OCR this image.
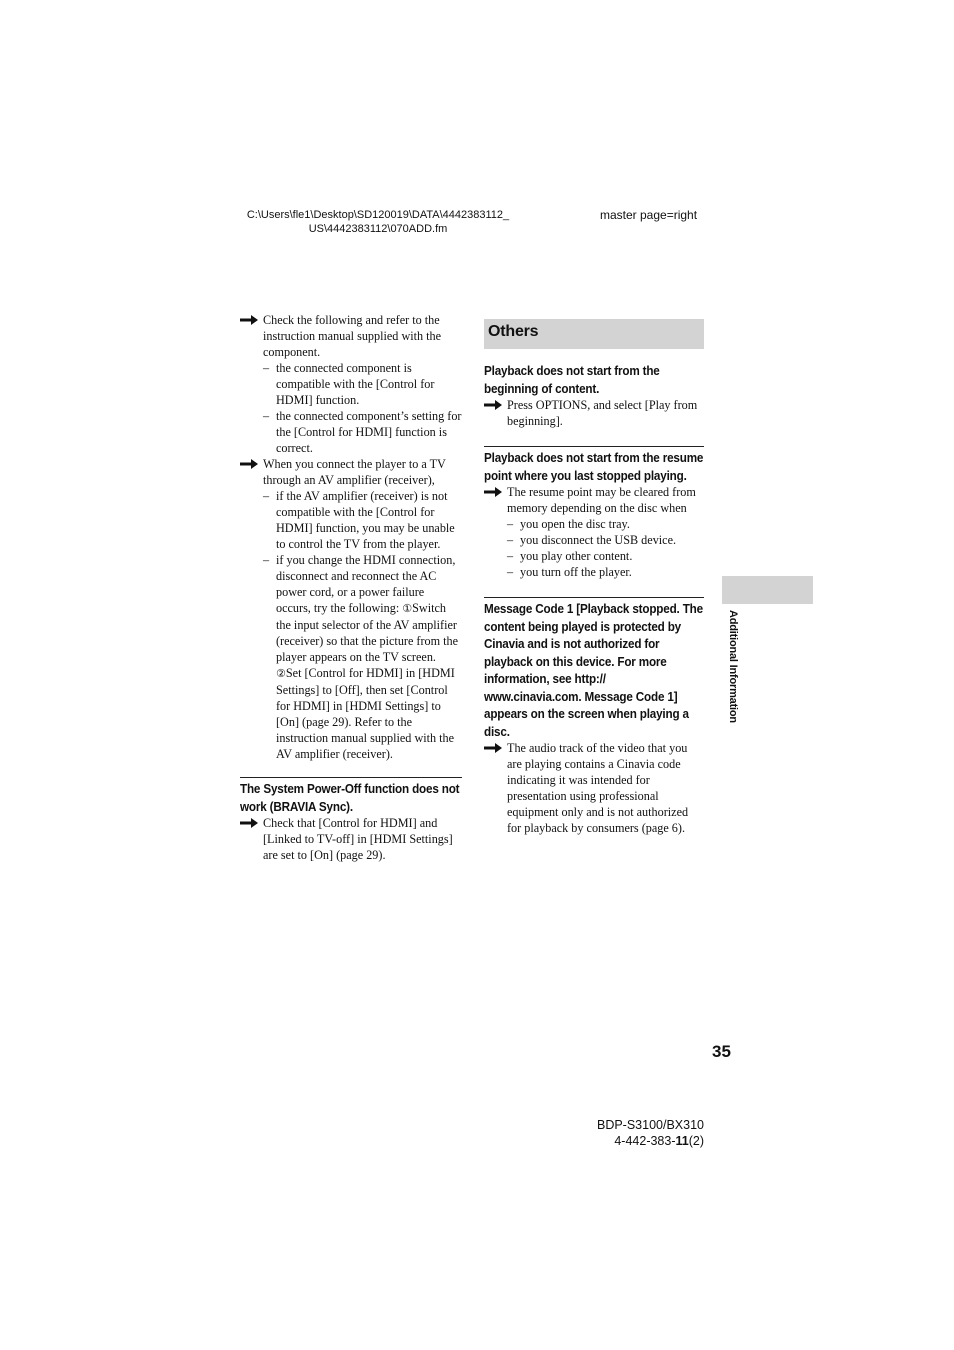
C:\Users\fle1\Desktop\SD120019\DATA\4442383112_
US\4442383112\070ADD.fm
master page=right
Check the following and refer to the instruction manual supplied with the component.
– the connected component is compatible with the [Control for HDMI] function.
– the connected component’s setting for the [Control for HDMI] function is correct.
When you connect the player to a TV through an AV amplifier (receiver),
– if the AV amplifier (receiver) is not compatible with the [Control for HDMI] function, you may be unable to control the TV from the player.
– if you change the HDMI connection, disconnect and reconnect the AC power cord, or a power failure occurs, try the following: ①Switch the input selector of the AV amplifier (receiver) so that the picture from the player appears on the TV screen. ②Set [Control for HDMI] in [HDMI Settings] to [Off], then set [Control for HDMI] in [HDMI Settings] to [On] (page 29). Refer to the instruction manual supplied with the AV amplifier (receiver).
The System Power-Off function does not work (BRAVIA Sync).
Check that [Control for HDMI] and [Linked to TV-off] in [HDMI Settings] are set to [On] (page 29).
Others
Playback does not start from the beginning of content.
Press OPTIONS, and select [Play from beginning].
Playback does not start from the resume point where you last stopped playing.
The resume point may be cleared from memory depending on the disc when
– you open the disc tray.
– you disconnect the USB device.
– you play other content.
– you turn off the player.
Message Code 1 [Playback stopped. The content being played is protected by Cinavia and is not authorized for playback on this device. For more information, see http:// www.cinavia.com. Message Code 1] appears on the screen when playing a disc.
The audio track of the video that you are playing contains a Cinavia code indicating it was intended for presentation using professional equipment only and is not authorized for playback by consumers (page 6).
Additional Information
35
BDP-S3100/BX310
4-442-383-11(2)
